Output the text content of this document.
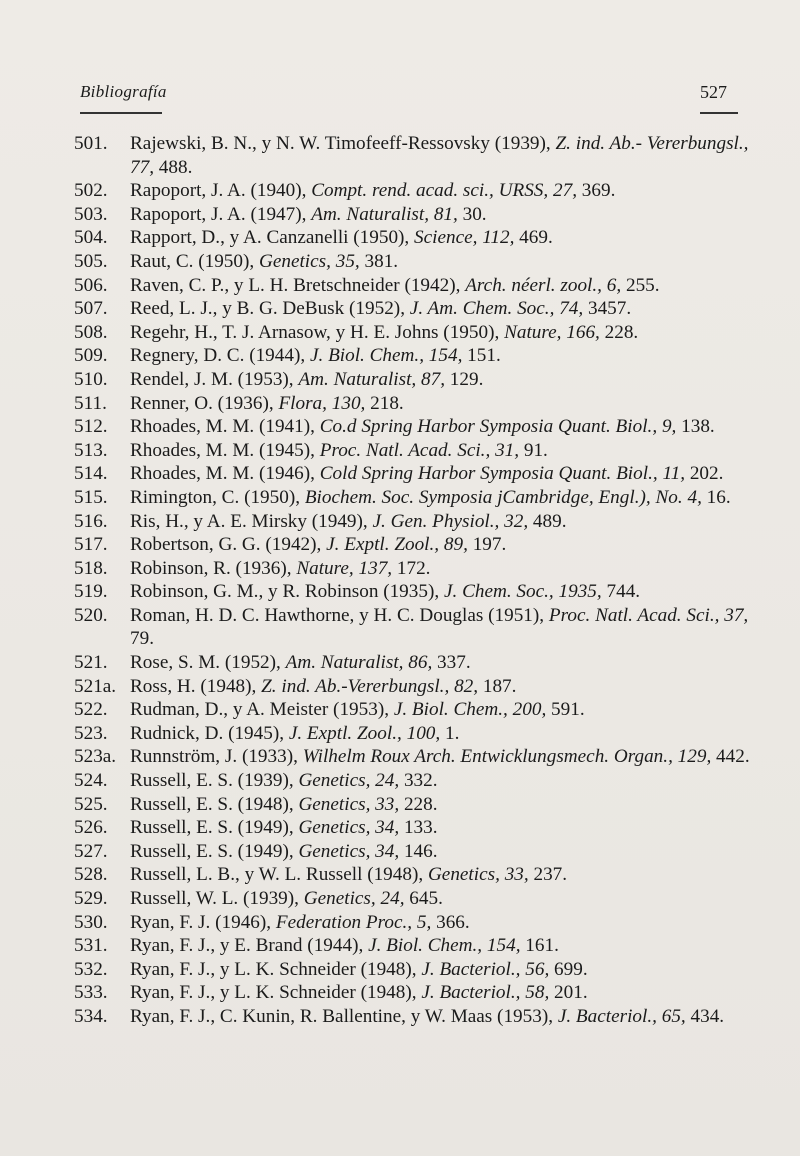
Bibliografía	527
501. Rajewski, B. N., y N. W. Timofeeff-Ressovsky (1939), Z. ind. Ab.- Vererbungsl., 77, 488.
502. Rapoport, J. A. (1940), Compt. rend. acad. sci., URSS, 27, 369.
503. Rapoport, J. A. (1947), Am. Naturalist, 81, 30.
504. Rapport, D., y A. Canzanelli (1950), Science, 112, 469.
505. Raut, C. (1950), Genetics, 35, 381.
506. Raven, C. P., y L. H. Bretschneider (1942), Arch. néerl. zool., 6, 255.
507. Reed, L. J., y B. G. DeBusk (1952), J. Am. Chem. Soc., 74, 3457.
508. Regehr, H., T. J. Arnasow, y H. E. Johns (1950), Nature, 166, 228.
509. Regnery, D. C. (1944), J. Biol. Chem., 154, 151.
510. Rendel, J. M. (1953), Am. Naturalist, 87, 129.
511. Renner, O. (1936), Flora, 130, 218.
512. Rhoades, M. M. (1941), Co.d Spring Harbor Symposia Quant. Biol., 9, 138.
513. Rhoades, M. M. (1945), Proc. Natl. Acad. Sci., 31, 91.
514. Rhoades, M. M. (1946), Cold Spring Harbor Symposia Quant. Biol., 11, 202.
515. Rimington, C. (1950), Biochem. Soc. Symposia jCambridge, Engl.), No. 4, 16.
516. Ris, H., y A. E. Mirsky (1949), J. Gen. Physiol., 32, 489.
517. Robertson, G. G. (1942), J. Exptl. Zool., 89, 197.
518. Robinson, R. (1936), Nature, 137, 172.
519. Robinson, G. M., y R. Robinson (1935), J. Chem. Soc., 1935, 744.
520. Roman, H. D. C. Hawthorne, y H. C. Douglas (1951), Proc. Natl. Acad. Sci., 37, 79.
521. Rose, S. M. (1952), Am. Naturalist, 86, 337.
521a. Ross, H. (1948), Z. ind. Ab.-Vererbungsl., 82, 187.
522. Rudman, D., y A. Meister (1953), J. Biol. Chem., 200, 591.
523. Rudnick, D. (1945), J. Exptl. Zool., 100, 1.
523a. Runnström, J. (1933), Wilhelm Roux Arch. Entwicklungsmech. Organ., 129, 442.
524. Russell, E. S. (1939), Genetics, 24, 332.
525. Russell, E. S. (1948), Genetics, 33, 228.
526. Russell, E. S. (1949), Genetics, 34, 133.
527. Russell, E. S. (1949), Genetics, 34, 146.
528. Russell, L. B., y W. L. Russell (1948), Genetics, 33, 237.
529. Russell, W. L. (1939), Genetics, 24, 645.
530. Ryan, F. J. (1946), Federation Proc., 5, 366.
531. Ryan, F. J., y E. Brand (1944), J. Biol. Chem., 154, 161.
532. Ryan, F. J., y L. K. Schneider (1948), J. Bacteriol., 56, 699.
533. Ryan, F. J., y L. K. Schneider (1948), J. Bacteriol., 58, 201.
534. Ryan, F. J., C. Kunin, R. Ballentine, y W. Maas (1953), J. Bacteriol., 65, 434.
